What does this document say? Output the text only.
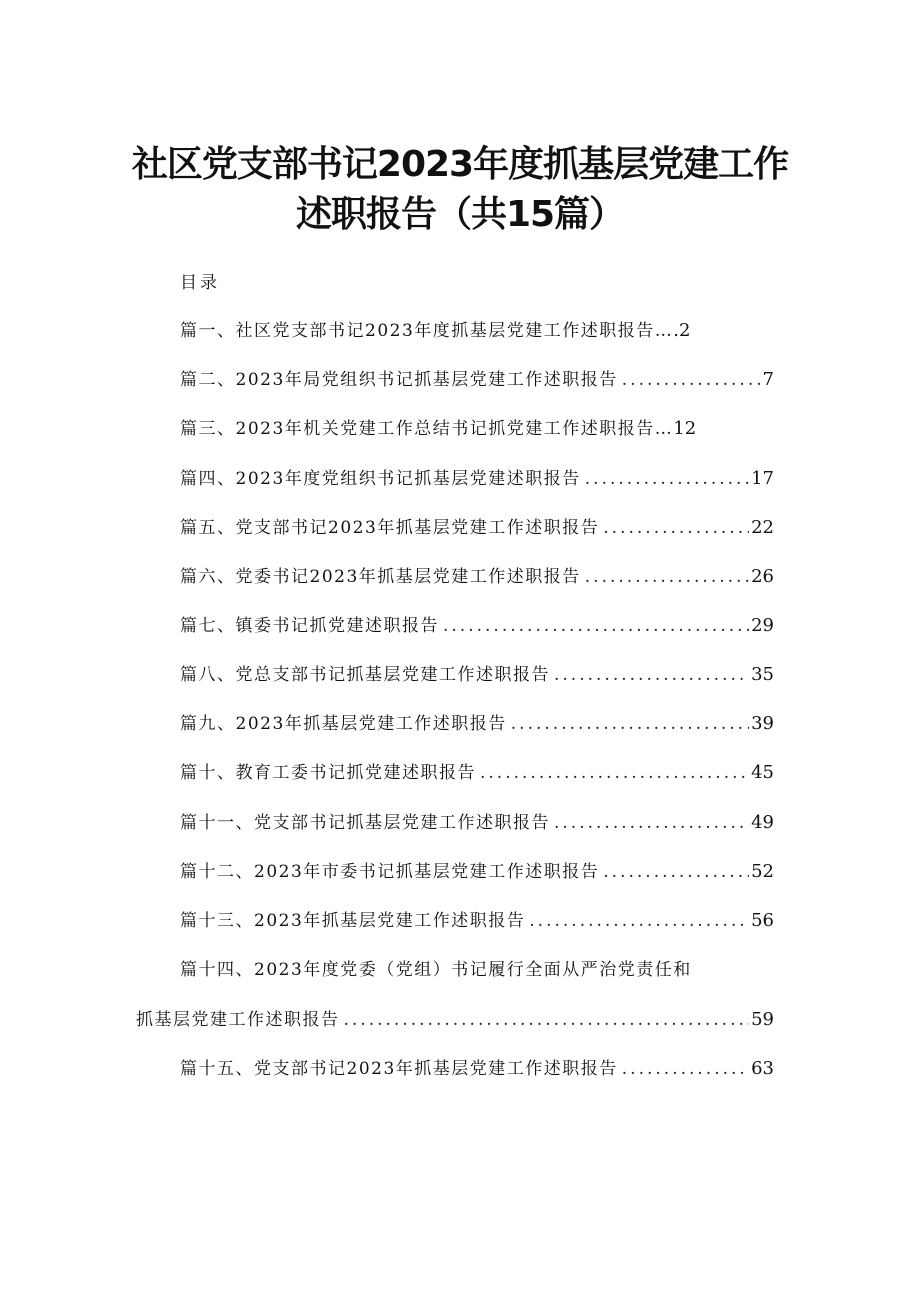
社区党支部书记2023年度抓基层党建工作
述职报告（共15篇）

目录

篇一、社区党支部书记2023年度抓基层党建工作述职报告… .2
篇二、2023年局党组织书记抓基层党建工作述职报告 .....	7
篇三、2023年机关党建工作总结书记抓党建工作述职报告… 12
篇四、2023年度党组织书记抓基层党建述职报告 .....	17
篇五、党支部书记2023年抓基层党建工作述职报告 .....	22
篇六、党委书记2023年抓基层党建工作述职报告 .....	26
篇七、镇委书记抓党建述职报告 .....	29
篇八、党总支部书记抓基层党建工作述职报告 .....	35
篇九、2023年抓基层党建工作述职报告 .....	39
篇十、教育工委书记抓党建述职报告 .....	45
篇十一、党支部书记抓基层党建工作述职报告 .....	49
篇十二、2023年市委书记抓基层党建工作述职报告 .....	52
篇十三、2023年抓基层党建工作述职报告 .....	56
篇十四、2023年度党委（党组）书记履行全面从严治党责任和
抓基层党建工作述职报告 .....	59
篇十五、党支部书记2023年抓基层党建工作述职报告 .....	63
